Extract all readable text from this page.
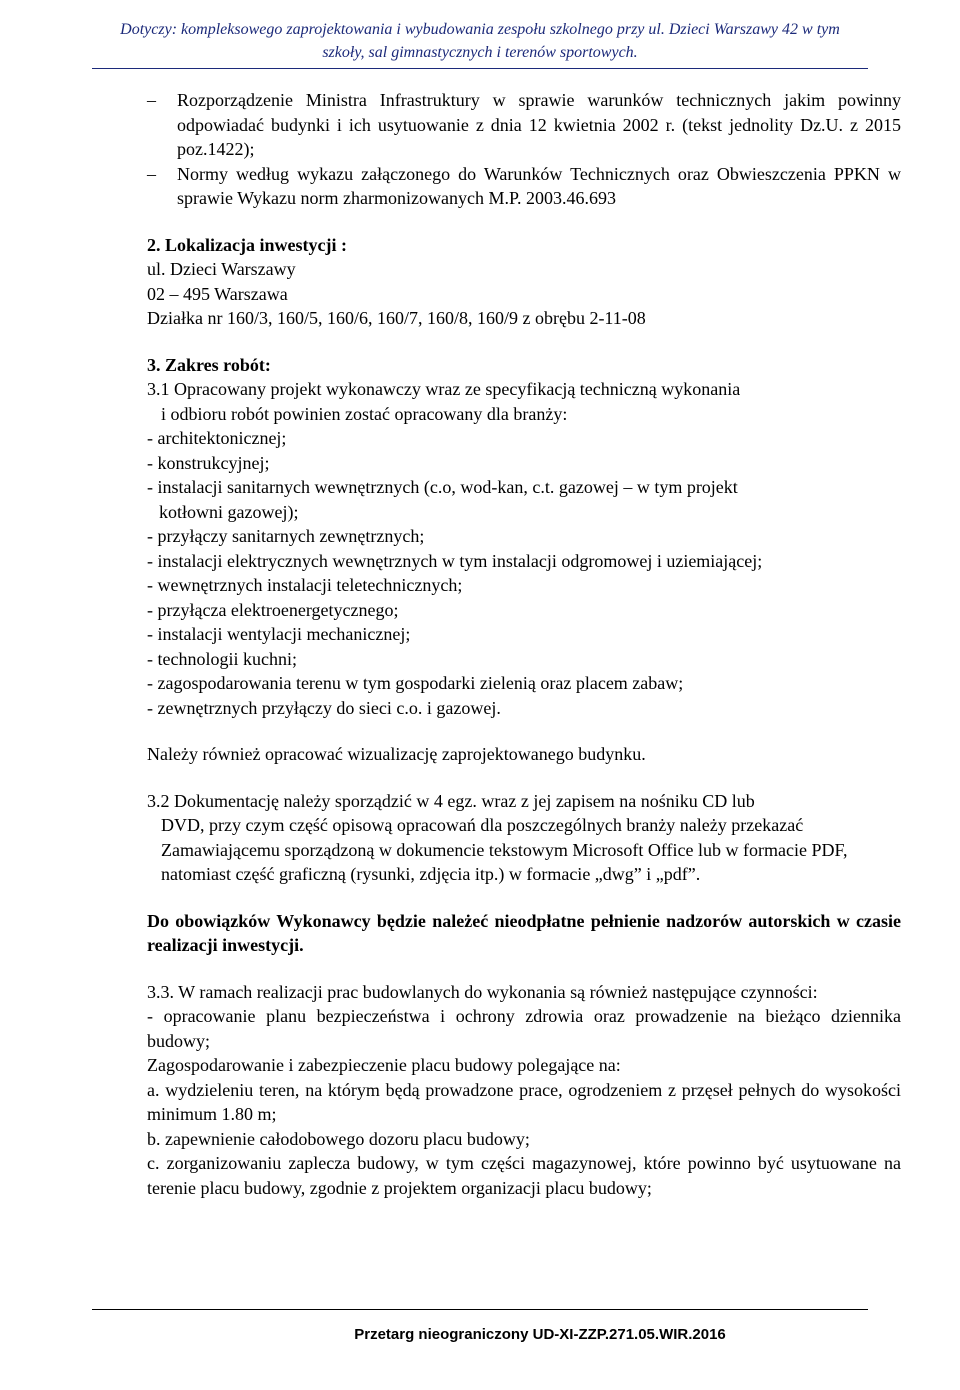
Dotyczy: kompleksowego zaprojektowania i wybudowania zespołu szkolnego przy ul. Dzieci Warszawy 42 w tym
szkoły, sal gimnastycznych i terenów sportowych.
– Rozporządzenie Ministra Infrastruktury w sprawie warunków technicznych jakim powinny odpowiadać budynki i ich usytuowanie z dnia 12 kwietnia 2002 r. (tekst jednolity Dz.U. z 2015 poz.1422);
– Normy według wykazu załączonego do Warunków Technicznych oraz Obwieszczenia PPKN w sprawie Wykazu norm zharmonizowanych M.P. 2003.46.693

2. Lokalizacja inwestycji :

ul. Dzieci Warszawy

02 – 495 Warszawa

Działka nr 160/3, 160/5, 160/6, 160/7, 160/8, 160/9 z obrębu 2-11-08

3. Zakres robót:

3.1 Opracowany projekt wykonawczy wraz ze specyfikacją techniczną wykonania

i odbioru robót powinien zostać opracowany dla branży:

- architektonicznej;

- konstrukcyjnej;

- instalacji sanitarnych wewnętrznych (c.o, wod-kan, c.t. gazowej – w tym projekt

kotłowni gazowej);

- przyłączy sanitarnych zewnętrznych;

- instalacji elektrycznych wewnętrznych w tym instalacji odgromowej i uziemiającej;

- wewnętrznych instalacji teletechnicznych;

- przyłącza elektroenergetycznego;

- instalacji wentylacji mechanicznej;

- technologii kuchni;

- zagospodarowania terenu w tym gospodarki zielenią oraz placem zabaw;

- zewnętrznych przyłączy do sieci c.o. i gazowej.

Należy również opracować wizualizację zaprojektowanego budynku.

3.2 Dokumentację należy sporządzić w 4 egz. wraz z jej zapisem na nośniku CD lub

DVD, przy czym część opisową opracowań dla poszczególnych branży należy przekazać Zamawiającemu sporządzoną w dokumencie tekstowym Microsoft Office lub w formacie PDF, natomiast część graficzną (rysunki, zdjęcia itp.) w formacie „dwg” i „pdf”.

Do obowiązków Wykonawcy będzie należeć nieodpłatne pełnienie nadzorów autorskich w czasie realizacji inwestycji.

3.3. W ramach realizacji prac budowlanych do wykonania są również następujące czynności:

- opracowanie planu bezpieczeństwa i ochrony zdrowia oraz prowadzenie na bieżąco dziennika budowy;

Zagospodarowanie i zabezpieczenie placu budowy polegające na:

a. wydzieleniu teren, na którym będą prowadzone prace, ogrodzeniem z przęseł pełnych do wysokości minimum 1.80 m;

b. zapewnienie całodobowego dozoru placu budowy;

c. zorganizowaniu zaplecza budowy, w tym części magazynowej, które powinno być usytuowane na terenie placu budowy, zgodnie z projektem organizacji placu budowy;

Przetarg nieograniczony UD-XI-ZZP.271.05.WIR.2016
